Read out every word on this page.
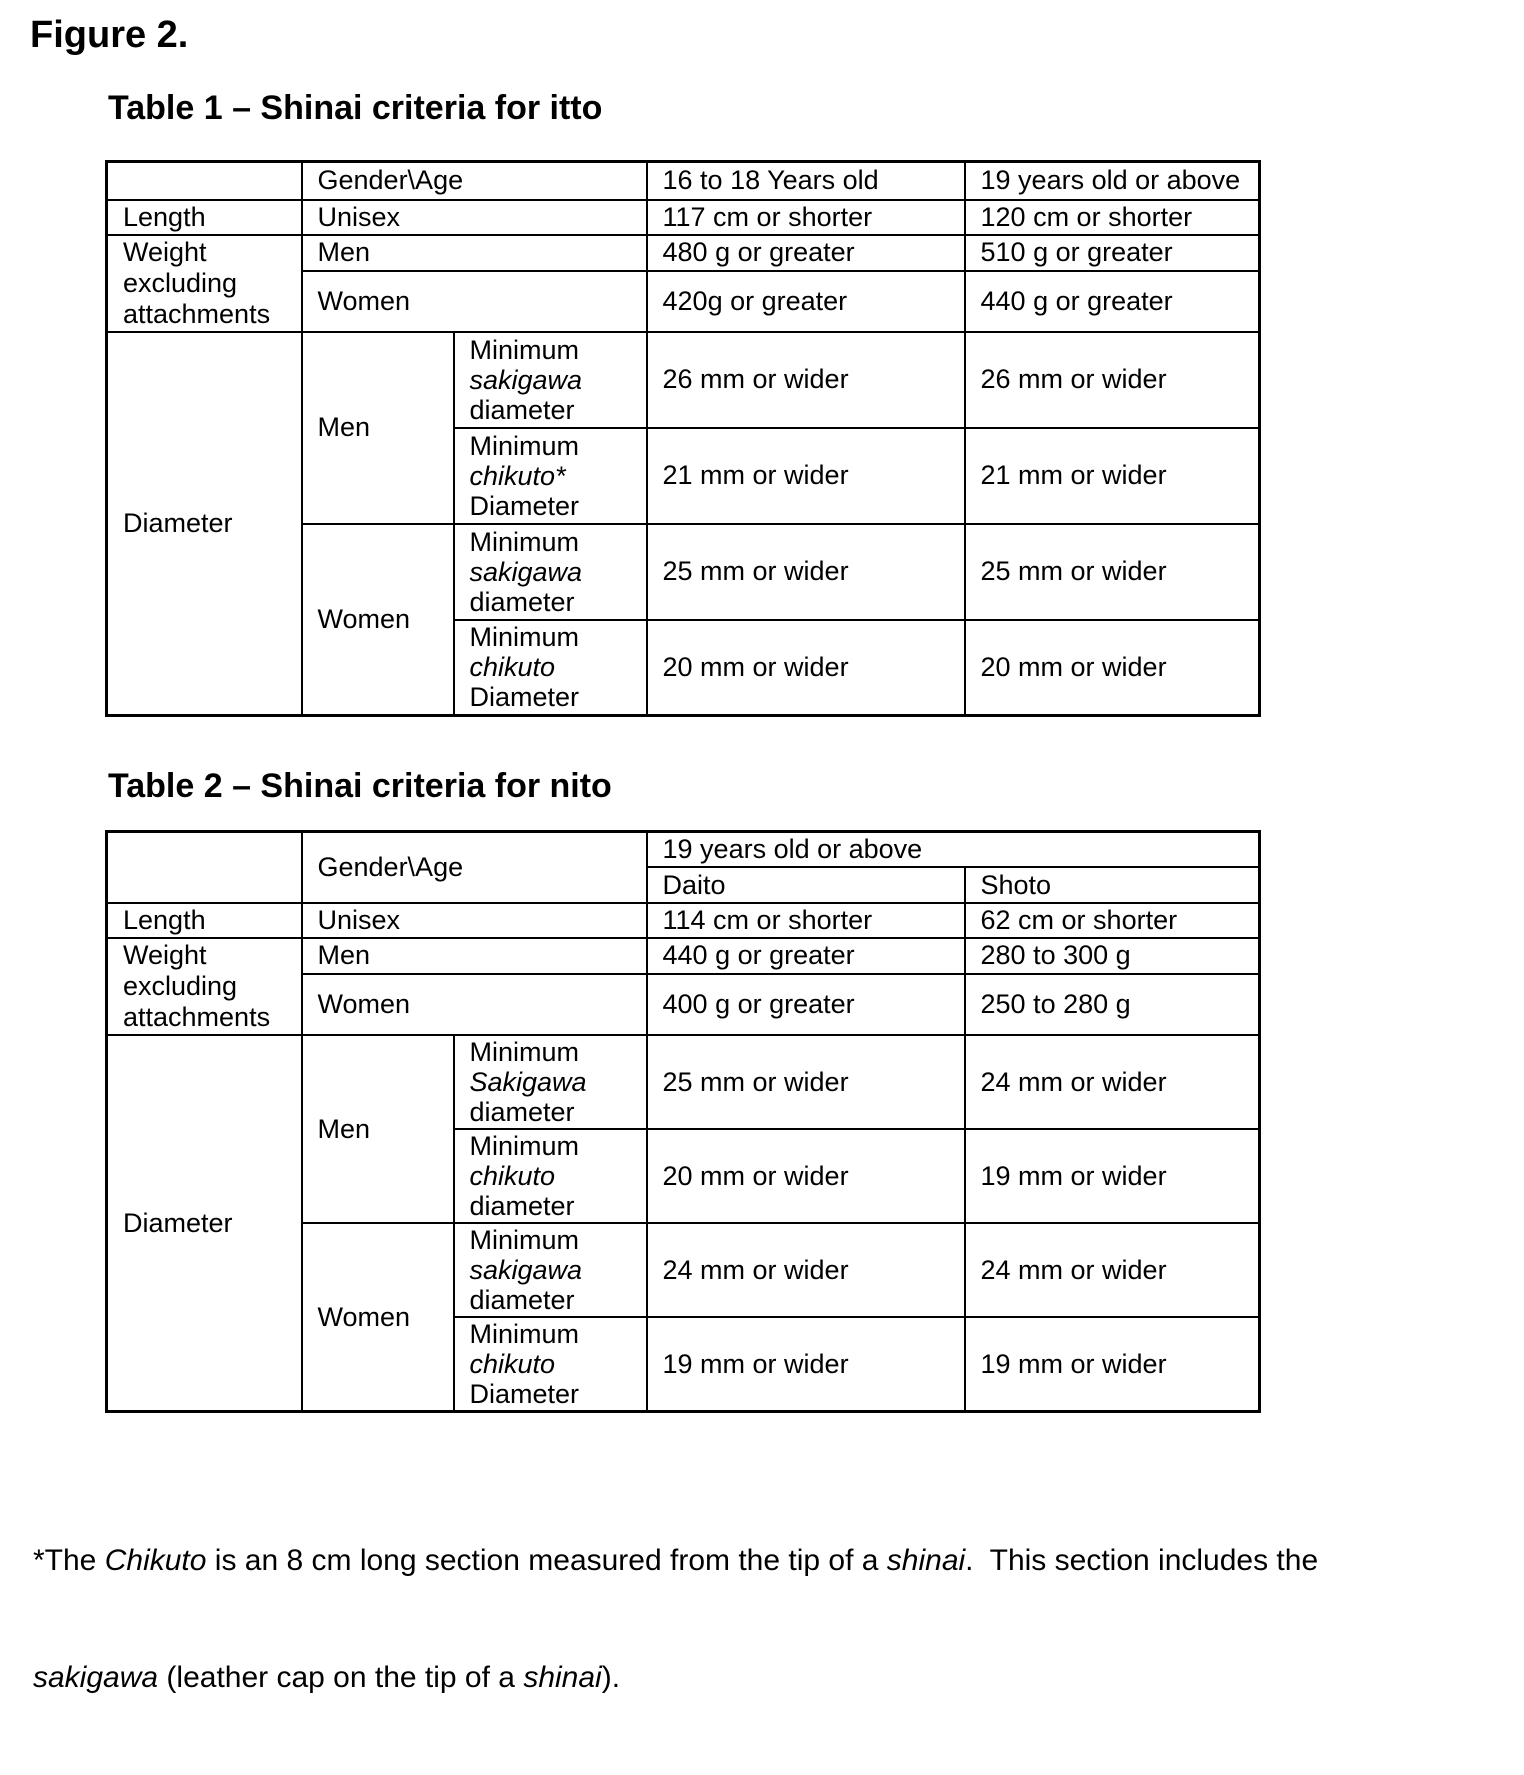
Figure 2.
Table 1 – Shinai criteria for itto
	Gender\Age		16 to 18 Years old	19 years old or above
Length	Unisex		117 cm or shorter	120 cm or shorter
Weight excluding attachments	Men		480 g or greater	510 g or greater
	Women		420g or greater	440 g or greater
Diameter	Men	Minimum
sakigawa
diameter	26 mm or wider	26 mm or wider

		Minimum
chikuto*
Diameter	21 mm or wider	21 mm or wider
	Women	Minimum
sakigawa
diameter	25 mm or wider	25 mm or wider

		Minimum
chikuto
Diameter	20 mm or wider	20 mm or wider
Table 2 – Shinai criteria for nito
	Gender\Age		19 years old or above	
			Daito	Shoto
Length	Unisex		114 cm or shorter	62 cm or shorter
Weight excluding attachments	Men		440 g or greater	280 to 300 g
	Women		400 g or greater	250 to 280 g
Diameter	Men	Minimum
Sakigawa
diameter	25 mm or wider	24 mm or wider

		Minimum
chikuto
diameter	20 mm or wider	19 mm or wider
	Women	Minimum
sakigawa
diameter	24 mm or wider	24 mm or wider

		Minimum
chikuto
Diameter	19 mm or wider	19 mm or wider

*The Chikuto is an 8 cm long section measured from the tip of a shinai.  This section includes the

sakigawa (leather cap on the tip of a shinai).
